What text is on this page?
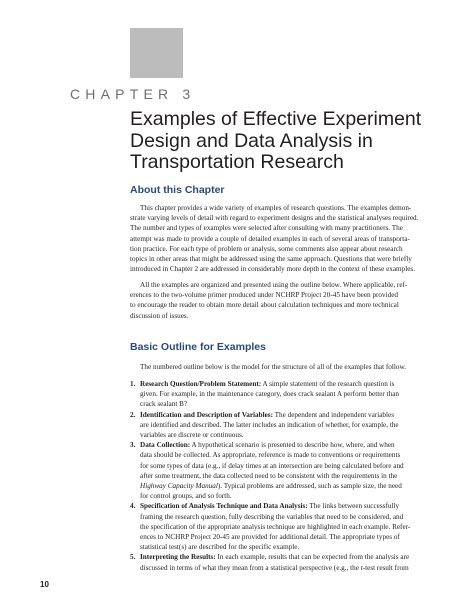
CHAPTER 3
Examples of Effective Experiment
Design and Data Analysis in
Transportation Research
About this Chapter

This chapter provides a wide variety of examples of research questions. The examples demon-
strate varying levels of detail with regard to experiment designs and the statistical analyses required.
The number and types of examples were selected after consulting with many practitioners. The
attempt was made to provide a couple of detailed examples in each of several areas of transporta-
tion practice. For each type of problem or analysis, some comments also appear about research
topics in other areas that might be addressed using the same approach. Questions that were briefly
introduced in Chapter 2 are addressed in considerably more depth in the context of these examples.

All the examples are organized and presented using the outline below. Where applicable, ref-
erences to the two-volume primer produced under NCHRP Project 20-45 have been provided
to encourage the reader to obtain more detail about calculation techniques and more technical
discussion of issues.

Basic Outline for Examples

The numbered outline below is the model for the structure of all of the examples that follow.

1. Research Question/Problem Statement: A simple statement of the research question is
given. For example, in the maintenance category, does crack sealant A perform better than
crack sealant B?
2. Identification and Description of Variables: The dependent and independent variables
are identified and described. The latter includes an indication of whether, for example, the
variables are discrete or continuous.
3. Data Collection: A hypothetical scenario is presented to describe how, where, and when
data should be collected. As appropriate, reference is made to conventions or requirements
for some types of data (e.g., if delay times at an intersection are being calculated before and
after some treatment, the data collected need to be consistent with the requirements in the
Highway Capacity Manual). Typical problems are addressed, such as sample size, the need
for control groups, and so forth.
4. Specification of Analysis Technique and Data Analysis: The links between successfully
framing the research question, fully describing the variables that need to be considered, and
the specification of the appropriate analysis technique are highlighted in each example. Refer-
ences to NCHRP Project 20-45 are provided for additional detail. The appropriate types of
statistical test(s) are described for the specific example.
5. Interpreting the Results: In each example, results that can be expected from the analysis are
discussed in terms of what they mean from a statistical perspective (e.g., the t-test result from
10
